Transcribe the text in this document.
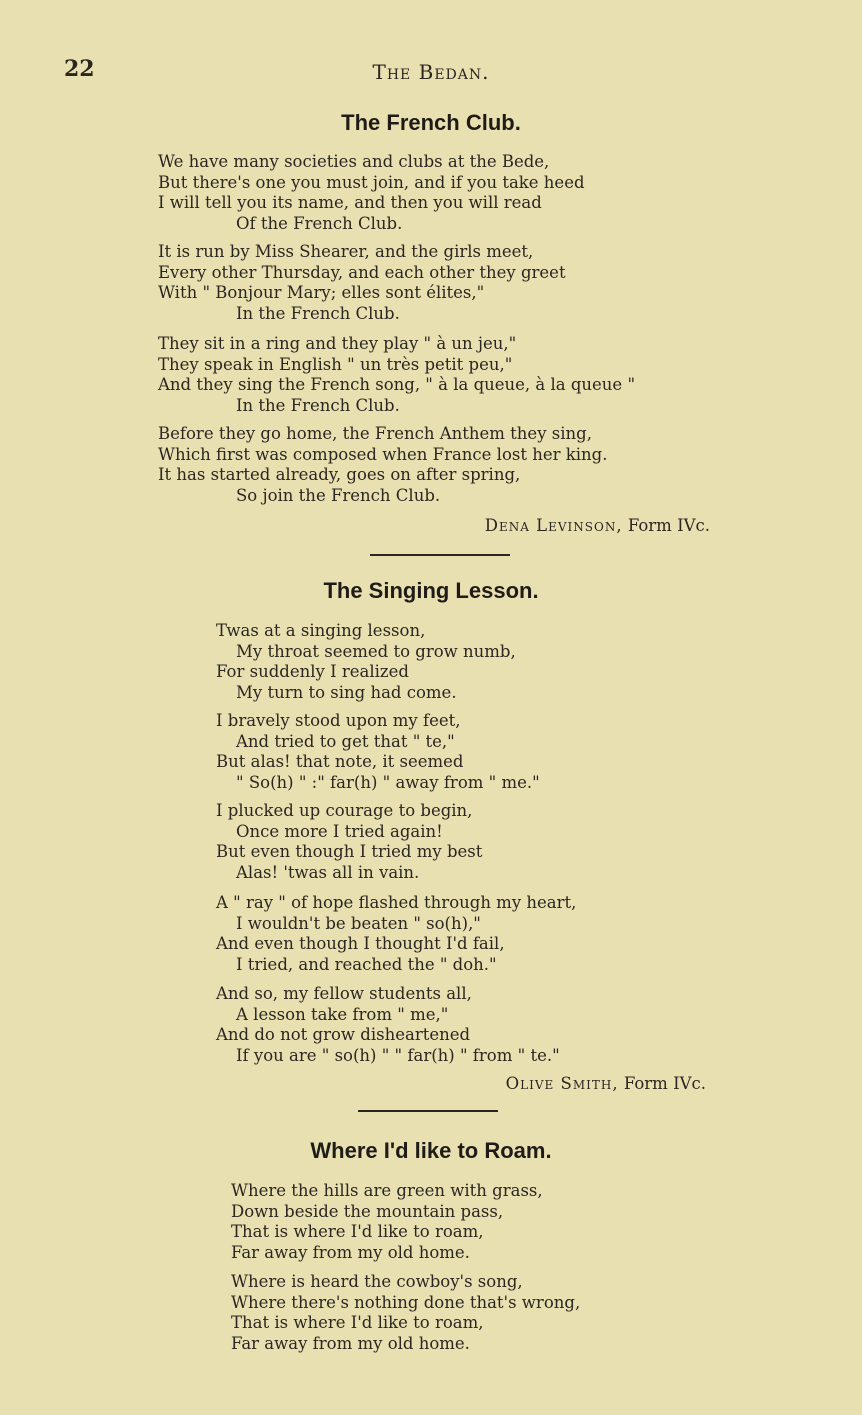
22	The Bedan.
The French Club.
We have many societies and clubs at the Bede,
But there's one you must join, and if you take heed
I will tell you its name, and then you will read
Of the French Club.
It is run by Miss Shearer, and the girls meet,
Every other Thursday, and each other they greet
With " Bonjour Mary; elles sont élites,"
In the French Club.
They sit in a ring and they play " à un jeu,"
They speak in English " un très petit peu,"
And they sing the French song, " à la queue, à la queue "
In the French Club.
Before they go home, the French Anthem they sing,
Which first was composed when France lost her king.
It has started already, goes on after spring,
So join the French Club.
Dena Levinson, Form IVc.
The Singing Lesson.
Twas at a singing lesson,
My throat seemed to grow numb,
For suddenly I realized
My turn to sing had come.
I bravely stood upon my feet,
And tried to get that " te,"
But alas! that note, it seemed
" So(h) " :" far(h) " away from " me."
I plucked up courage to begin,
Once more I tried again!
But even though I tried my best
Alas! 'twas all in vain.
A " ray " of hope flashed through my heart,
I wouldn't be beaten " so(h),"
And even though I thought I'd fail,
I tried, and reached the " doh."
And so, my fellow students all,
A lesson take from " me,"
And do not grow disheartened
If you are " so(h) " " far(h) " from " te."
Olive Smith, Form IVc.
Where I'd like to Roam.
Where the hills are green with grass,
Down beside the mountain pass,
That is where I'd like to roam,
Far away from my old home.
Where is heard the cowboy's song,
Where there's nothing done that's wrong,
That is where I'd like to roam,
Far away from my old home.
